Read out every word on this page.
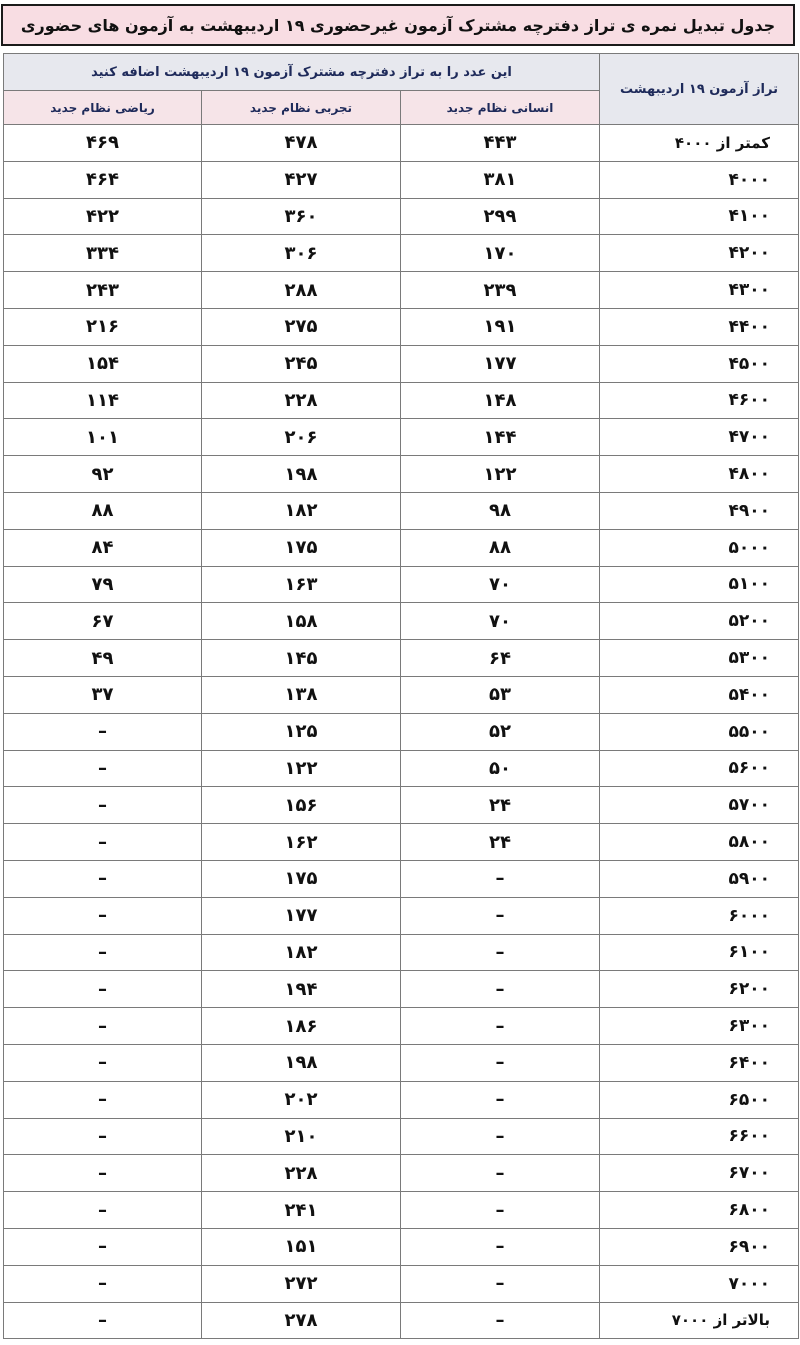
جدول تبدیل نمره ی تراز دفترچه مشترک آزمون غیرحضوری ۱۹ اردیبهشت به آزمون های حضوری
این عدد را به تراز دفترچه مشترک آزمون ۱۹ اردیبهشت اضافه کنید			تراز آزمون ۱۹ اردیبهشت
ریاضی نظام جدید	تجربی نظام جدید	انسانی نظام جدید	
۴۶۹	۴۷۸	۴۴۳	کمتر از ۴۰۰۰
۴۶۴	۴۲۷	۳۸۱	۴۰۰۰
۴۲۲	۳۶۰	۲۹۹	۴۱۰۰
۳۳۴	۳۰۶	۱۷۰	۴۲۰۰
۲۴۳	۲۸۸	۲۳۹	۴۳۰۰
۲۱۶	۲۷۵	۱۹۱	۴۴۰۰
۱۵۴	۲۴۵	۱۷۷	۴۵۰۰
۱۱۴	۲۲۸	۱۴۸	۴۶۰۰
۱۰۱	۲۰۶	۱۴۴	۴۷۰۰
۹۲	۱۹۸	۱۲۲	۴۸۰۰
۸۸	۱۸۲	۹۸	۴۹۰۰
۸۴	۱۷۵	۸۸	۵۰۰۰
۷۹	۱۶۳	۷۰	۵۱۰۰
۶۷	۱۵۸	۷۰	۵۲۰۰
۴۹	۱۴۵	۶۴	۵۳۰۰
۳۷	۱۳۸	۵۳	۵۴۰۰
–	۱۲۵	۵۲	۵۵۰۰
–	۱۲۲	۵۰	۵۶۰۰
–	۱۵۶	۲۴	۵۷۰۰
–	۱۶۲	۲۴	۵۸۰۰
–	۱۷۵	–	۵۹۰۰
–	۱۷۷	–	۶۰۰۰
–	۱۸۲	–	۶۱۰۰
–	۱۹۴	–	۶۲۰۰
–	۱۸۶	–	۶۳۰۰
–	۱۹۸	–	۶۴۰۰
–	۲۰۲	–	۶۵۰۰
–	۲۱۰	–	۶۶۰۰
–	۲۲۸	–	۶۷۰۰
–	۲۴۱	–	۶۸۰۰
–	۱۵۱	–	۶۹۰۰
–	۲۷۲	–	۷۰۰۰
–	۲۷۸	–	بالاتر از ۷۰۰۰
